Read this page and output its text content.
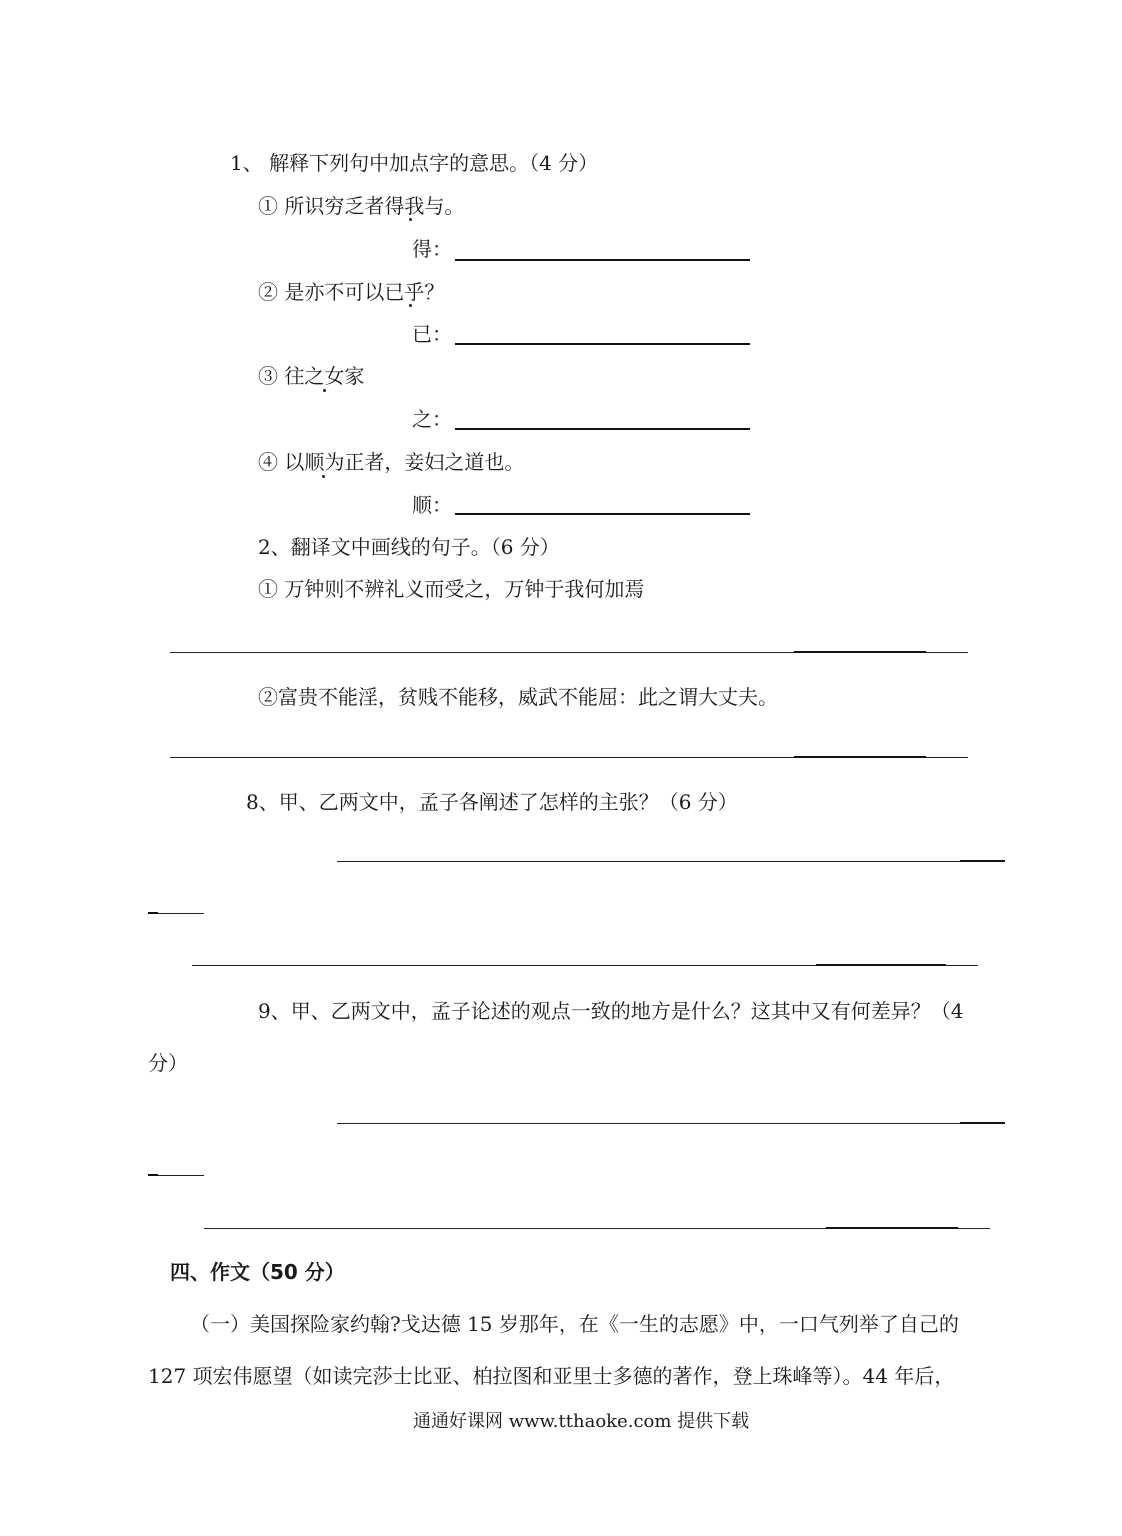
1、 解释下列句中加点字的意思。（4 分）
① 所识穷乏者得我与。
得：
② 是亦不可以已乎？
已：
③ 往之女家
之：
④ 以顺为正者，妾妇之道也。
顺：
2、翻译文中画线的句子。（6 分）
① 万钟则不辨礼义而受之，万钟于我何加焉
②富贵不能淫，贫贱不能移，威武不能屈：此之谓大丈夫。
8、甲、乙两文中，孟子各阐述了怎样的主张？（6 分）
9、甲、乙两文中，孟子论述的观点一致的地方是什么？这其中又有何差异？（4
分）
四、作文（50 分）
（一）美国探险家约翰?戈达德 15 岁那年，在《一生的志愿》中，一口气列举了自己的
127 项宏伟愿望（如读完莎士比亚、柏拉图和亚里士多德的著作，登上珠峰等）。44 年后，
通通好课网 www.tthaoke.com 提供下载
